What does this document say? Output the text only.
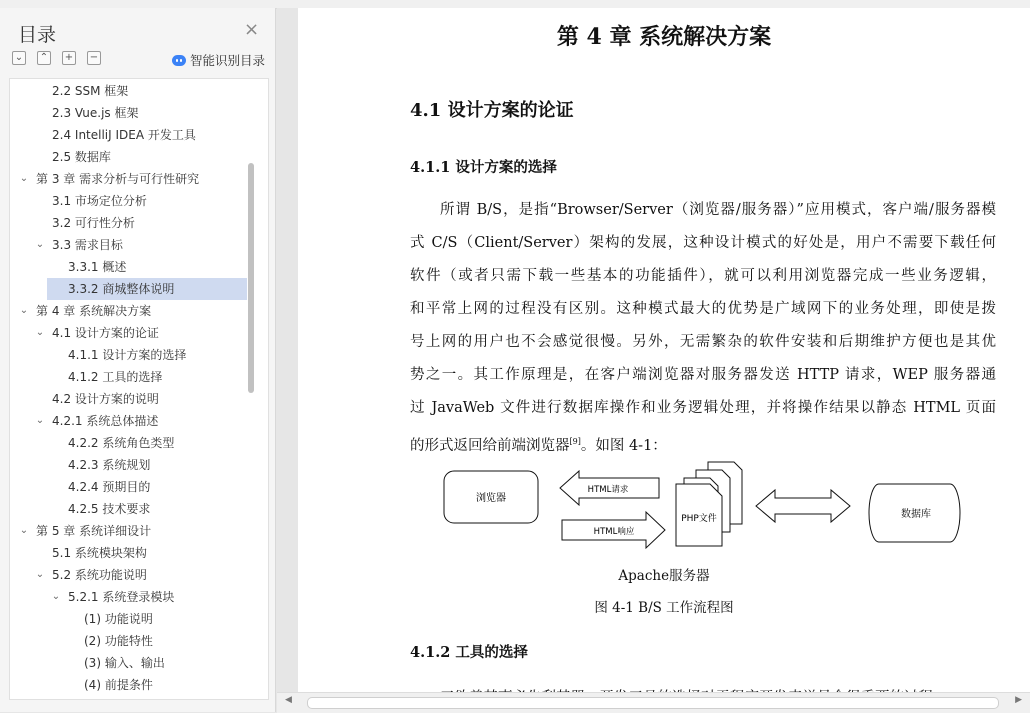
目录	×
⌄ ⌃ + −	智能识别目录
2.2 SSM 框架
2.3 Vue.js 框架
2.4 IntelliJ IDEA 开发工具
2.5 数据库
⌄ 第 3 章 需求分析与可行性研究
3.1 市场定位分析
3.2 可行性分析
⌄ 3.3 需求目标
3.3.1 概述
3.3.2 商城整体说明
⌄ 第 4 章 系统解决方案
⌄ 4.1 设计方案的论证
4.1.1 设计方案的选择
4.1.2 工具的选择
4.2 设计方案的说明
⌄ 4.2.1 系统总体描述
4.2.2 系统角色类型
4.2.3 系统规划
4.2.4 预期目的
4.2.5 技术要求
⌄ 第 5 章 系统详细设计
5.1 系统模块架构
⌄ 5.2 系统功能说明
⌄ 5.2.1 系统登录模块
(1) 功能说明
(2) 功能特性
(3) 输入、输出
(4) 前提条件
第 4 章 系统解决方案
4.1 设计方案的论证
4.1.1 设计方案的选择
所谓 B/S，是指“Browser/Server（浏览器/服务器）”应用模式，客户端/服务器模
式 C/S（Client/Server）架构的发展，这种设计模式的好处是，用户不需要下载任何
软件（或者只需下载一些基本的功能插件），就可以利用浏览器完成一些业务逻辑，
和平常上网的过程没有区别。这种模式最大的优势是广域网下的业务处理，即使是拨
号上网的用户也不会感觉很慢。另外，无需繁杂的软件安装和后期维护方便也是其优
势之一。其工作原理是，在客户端浏览器对服务器发送 HTTP 请求，WEP 服务器通
过 JavaWeb 文件进行数据库操作和业务逻辑处理，并将操作结果以静态 HTML 页面
的形式返回给前端浏览器[9]。如图 4-1：
浏览器
HTML请求
HTML响应
PHP文件	数据库
Apache服务器
图 4-1 B/S 工作流程图
4.1.2 工具的选择
◀	▶
